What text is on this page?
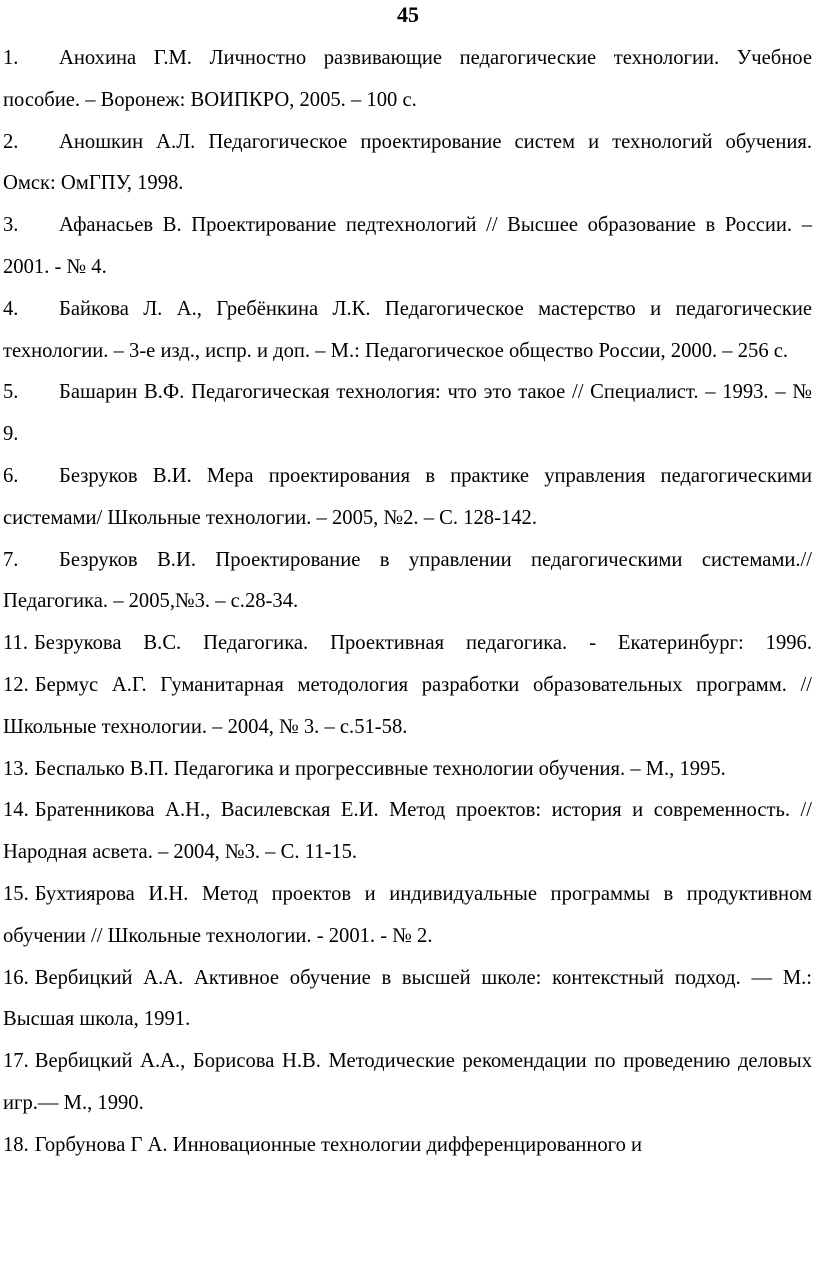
45
1. Анохина Г.М. Личностно развивающие педагогические технологии. Учебное пособие. – Воронеж: ВОИПКРО, 2005. – 100 с.
2. Аношкин А.Л. Педагогическое проектирование систем и технологий обучения. Омск: ОмГПУ, 1998.
3. Афанасьев В. Проектирование педтехнологий // Высшее образование в России. – 2001. - № 4.
4. Байкова Л. А., Гребёнкина Л.К. Педагогическое мастерство и педагогические технологии. – 3-е изд., испр. и доп. – М.: Педагогическое общество России, 2000. – 256 с.
5. Башарин В.Ф. Педагогическая технология: что это такое // Специалист. – 1993. – № 9.
6. Безруков В.И. Мера проектирования в практике управления педагогическими системами/ Школьные технологии. – 2005, №2. – С. 128-142.
7. Безруков В.И. Проектирование в управлении педагогическими системами.// Педагогика. – 2005,№3. – с.28-34.
11. Безрукова В.С. Педагогика. Проективная педагогика. - Екатеринбург: 1996.
12. Бермус А.Г. Гуманитарная методология разработки образовательных программ. // Школьные технологии. – 2004, № 3. – с.51-58.
13. Беспалько В.П. Педагогика и прогрессивные технологии обучения. – М., 1995.
14. Братенникова А.Н., Василевская Е.И. Метод проектов: история и современность. // Народная асвета. – 2004, №3. – С. 11-15.
15. Бухтиярова И.Н. Метод проектов и индивидуальные программы в продуктивном обучении // Школьные технологии. - 2001. - № 2.
16. Вербицкий А.А. Активное обучение в высшей школе: контекстный подход. — М.: Высшая школа, 1991.
17. Вербицкий А.А., Борисова Н.В. Методические рекомендации по проведению деловых игр.— М., 1990.
18. Горбунова Г А. Инновационные технологии дифференцированного и
